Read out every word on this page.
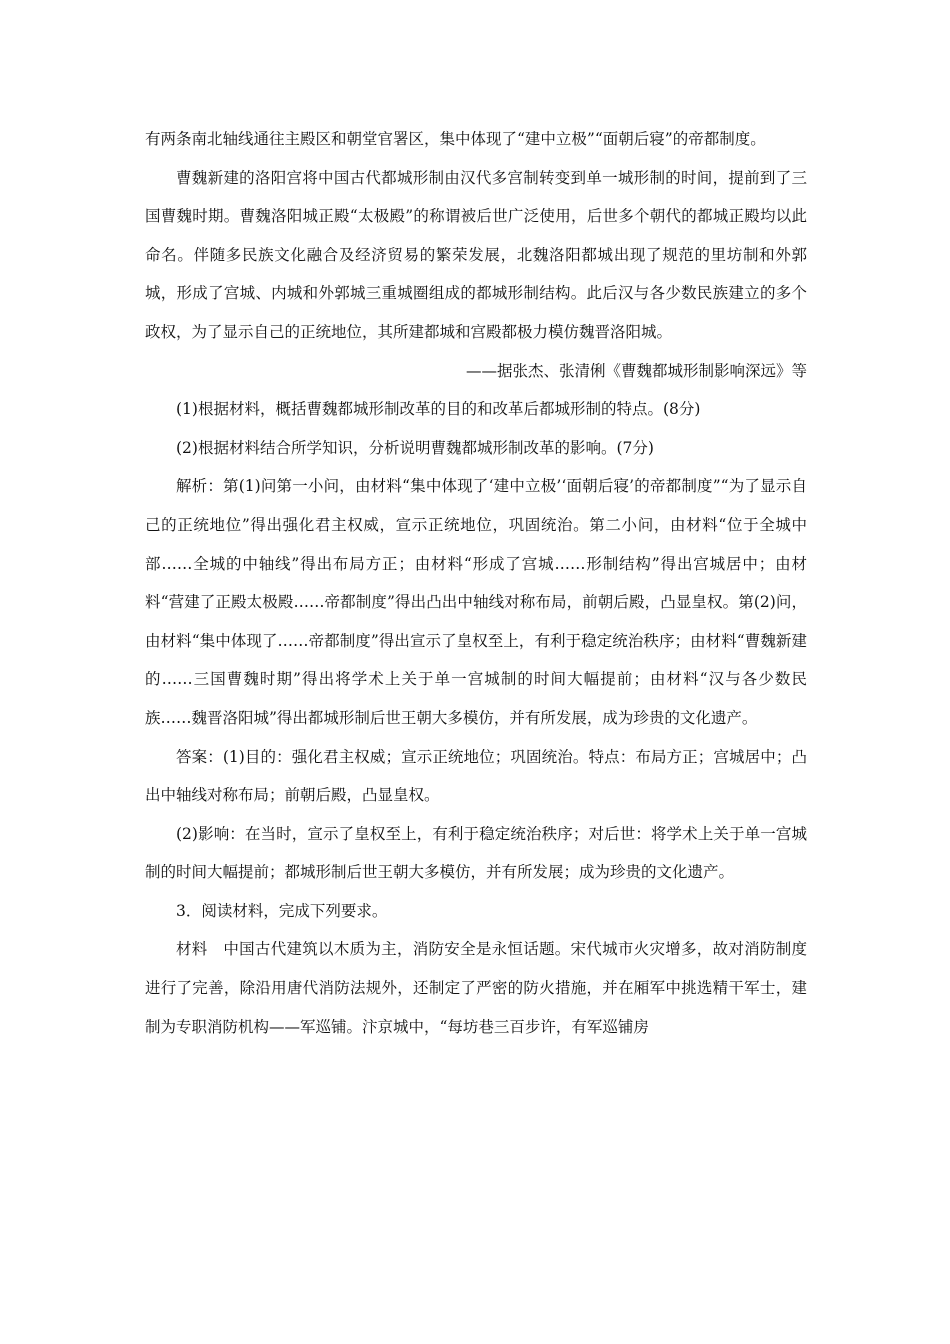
有两条南北轴线通往主殿区和朝堂官署区，集中体现了“建中立极”“面朝后寝”的帝都制度。

曹魏新建的洛阳宫将中国古代都城形制由汉代多宫制转变到单一城形制的时间，提前到了三国曹魏时期。曹魏洛阳城正殿“太极殿”的称谓被后世广泛使用，后世多个朝代的都城正殿均以此命名。伴随多民族文化融合及经济贸易的繁荣发展，北魏洛阳都城出现了规范的里坊制和外郭城，形成了宫城、内城和外郭城三重城圈组成的都城形制结构。此后汉与各少数民族建立的多个政权，为了显示自己的正统地位，其所建都城和宫殿都极力模仿魏晋洛阳城。

——据张杰、张清俐《曹魏都城形制影响深远》等

(1)根据材料，概括曹魏都城形制改革的目的和改革后都城形制的特点。(8分)

(2)根据材料结合所学知识，分析说明曹魏都城形制改革的影响。(7分)

解析：第(1)问第一小问，由材料“集中体现了‘建中立极’‘面朝后寝’的帝都制度”“为了显示自己的正统地位”得出强化君主权威，宣示正统地位，巩固统治。第二小问，由材料“位于全城中部……全城的中轴线”得出布局方正；由材料“形成了宫城……形制结构”得出宫城居中；由材料“营建了正殿太极殿……帝都制度”得出凸出中轴线对称布局，前朝后殿，凸显皇权。第(2)问，由材料“集中体现了……帝都制度”得出宣示了皇权至上，有利于稳定统治秩序；由材料“曹魏新建的……三国曹魏时期”得出将学术上关于单一宫城制的时间大幅提前；由材料“汉与各少数民族……魏晋洛阳城”得出都城形制后世王朝大多模仿，并有所发展，成为珍贵的文化遗产。

答案：(1)目的：强化君主权威；宣示正统地位；巩固统治。特点：布局方正；宫城居中；凸出中轴线对称布局；前朝后殿，凸显皇权。

(2)影响：在当时，宣示了皇权至上，有利于稳定统治秩序；对后世：将学术上关于单一宫城制的时间大幅提前；都城形制后世王朝大多模仿，并有所发展；成为珍贵的文化遗产。

3．阅读材料，完成下列要求。

材料　中国古代建筑以木质为主，消防安全是永恒话题。宋代城市火灾增多，故对消防制度进行了完善，除沿用唐代消防法规外，还制定了严密的防火措施，并在厢军中挑选精干军士，建制为专职消防机构——军巡铺。汴京城中，“每坊巷三百步许，有军巡铺房
